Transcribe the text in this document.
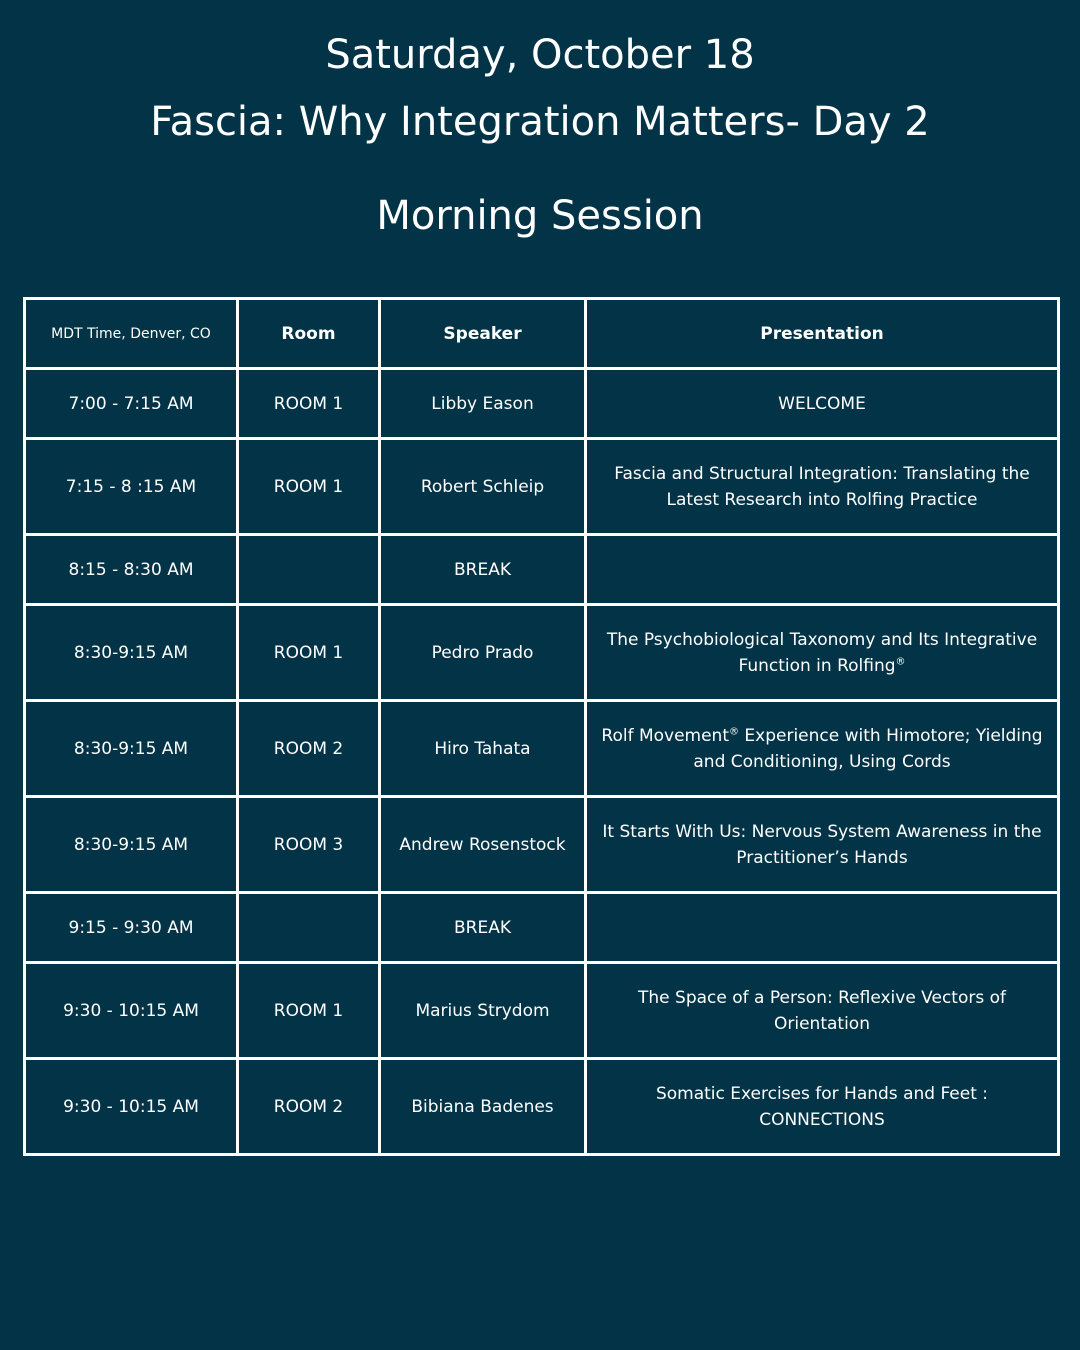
Saturday, October 18
Fascia: Why Integration Matters- Day 2
Morning Session
MDT Time, Denver, CO	Room	Speaker	Presentation
7:00 - 7:15 AM	ROOM 1	Libby Eason	WELCOME
7:15 - 8 :15 AM	ROOM 1	Robert Schleip	Fascia and Structural Integration: Translating the Latest Research into Rolfing Practice
8:15 - 8:30 AM		BREAK	
8:30-9:15 AM	ROOM 1	Pedro Prado	The Psychobiological Taxonomy and Its Integrative Function in Rolfing®
8:30-9:15 AM	ROOM 2	Hiro Tahata	Rolf Movement® Experience with Himotore; Yielding and Conditioning, Using Cords
8:30-9:15 AM	ROOM 3	Andrew Rosenstock	It Starts With Us: Nervous System Awareness in the Practitioner’s Hands
9:15 - 9:30 AM		BREAK	
9:30 - 10:15 AM	ROOM 1	Marius Strydom	The Space of a Person: Reflexive Vectors of Orientation
9:30 - 10:15 AM	ROOM 2	Bibiana Badenes	Somatic Exercises for Hands and Feet : CONNECTIONS
